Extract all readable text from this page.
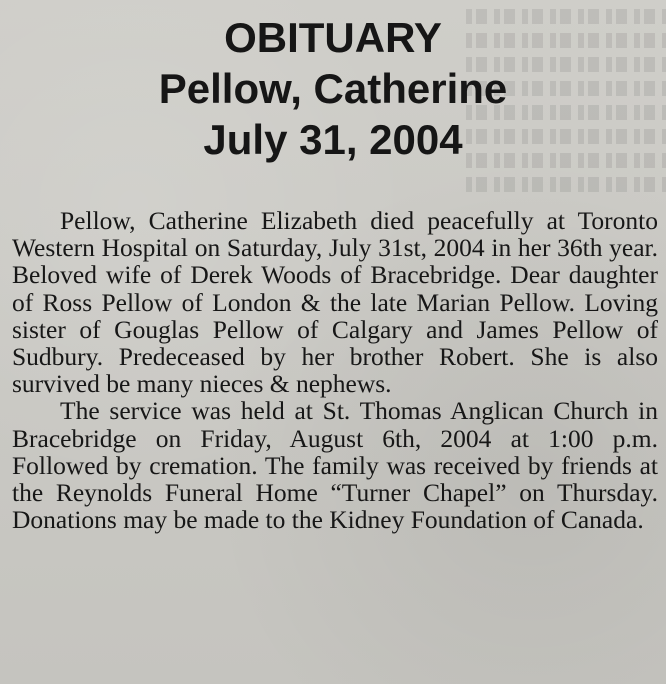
OBITUARY
Pellow, Catherine
July 31, 2004

Pellow, Catherine Elizabeth died peacefully at Toronto Western Hospital on Saturday, July 31st, 2004 in her 36th year. Beloved wife of Derek Woods of Bracebridge. Dear daughter of Ross Pellow of London & the late Marian Pellow. Loving sister of Gouglas Pellow of Calgary and James Pellow of Sudbury. Predeceased by her brother Robert. She is also survived be many nieces & nephews.

The service was held at St. Thomas Anglican Church in Bracebridge on Friday, August 6th, 2004 at 1:00 p.m. Followed by cremation. The family was received by friends at the Reynolds Funeral Home “Turner Chapel” on Thursday. Donations may be made to the Kidney Foundation of Canada.
